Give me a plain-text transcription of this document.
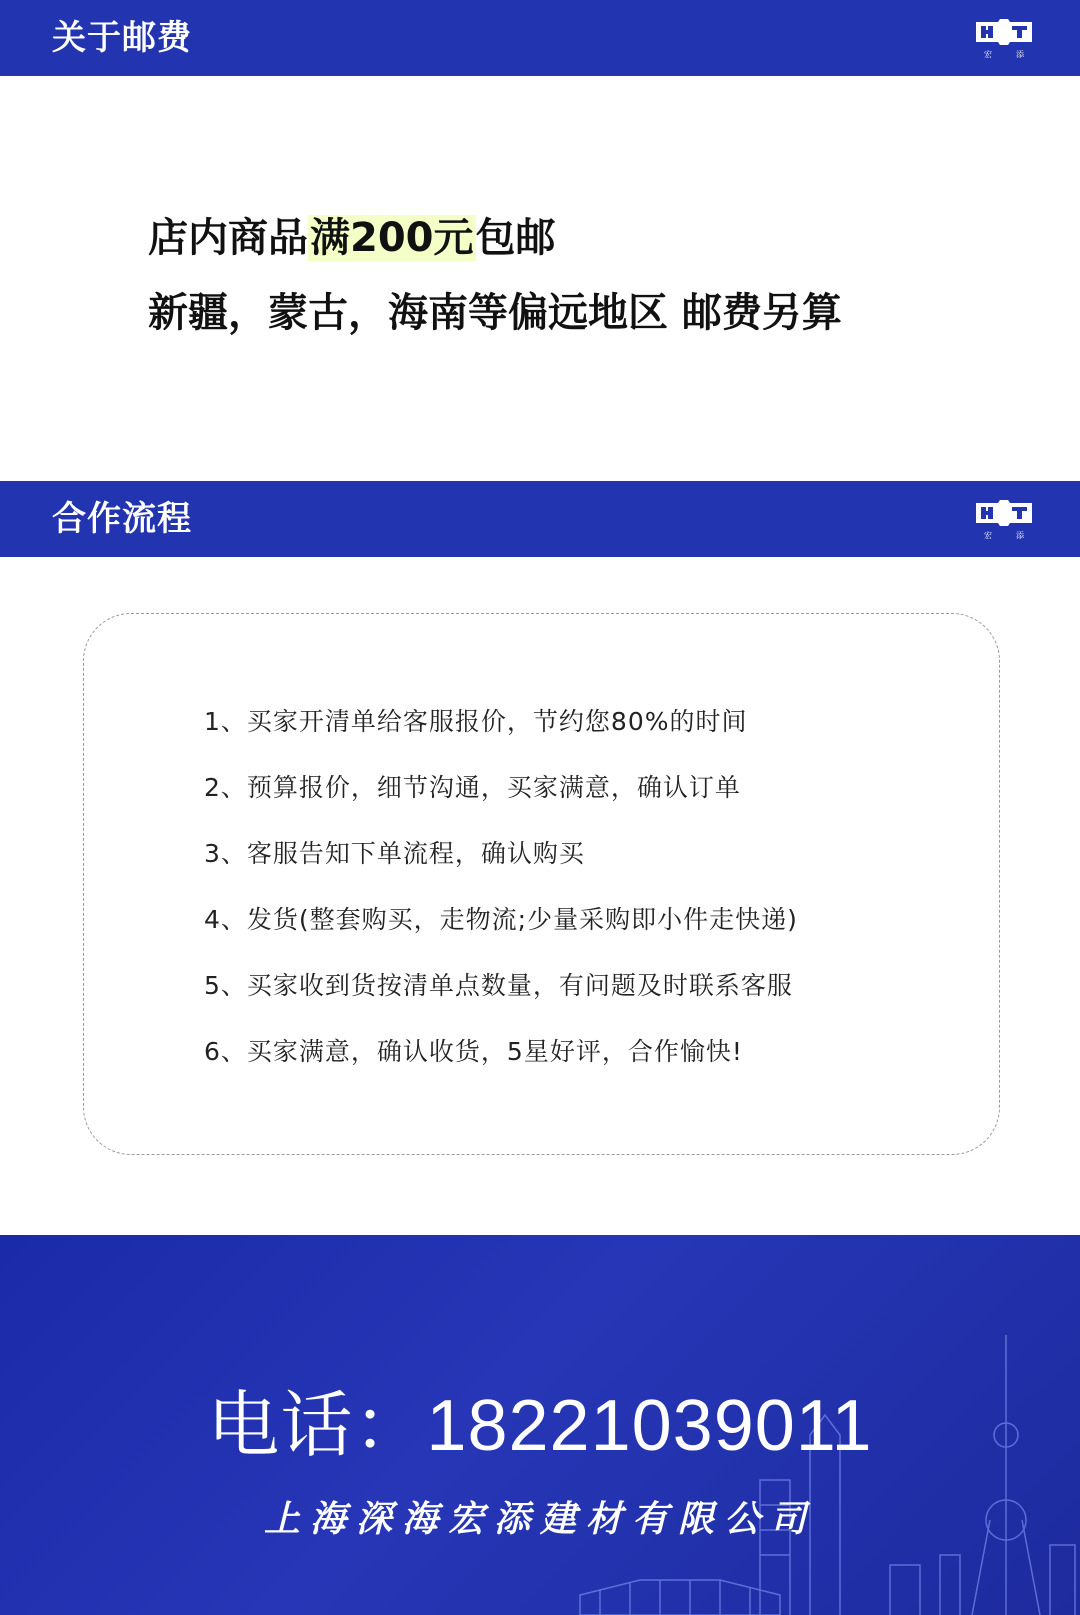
关于邮费	宏	添
店内商品满200元包邮
新疆，蒙古，海南等偏远地区 邮费另算
合作流程	宏	添
1、买家开清单给客服报价，节约您80%的时间
2、预算报价，细节沟通，买家满意，确认订单
3、客服告知下单流程，确认购买
4、发货(整套购买，走物流;少量采购即小件走快递)
5、买家收到货按清单点数量，有问题及时联系客服
6、买家满意，确认收货，5星好评，合作愉快!
电话：18221039011
上海深海宏添建材有限公司
